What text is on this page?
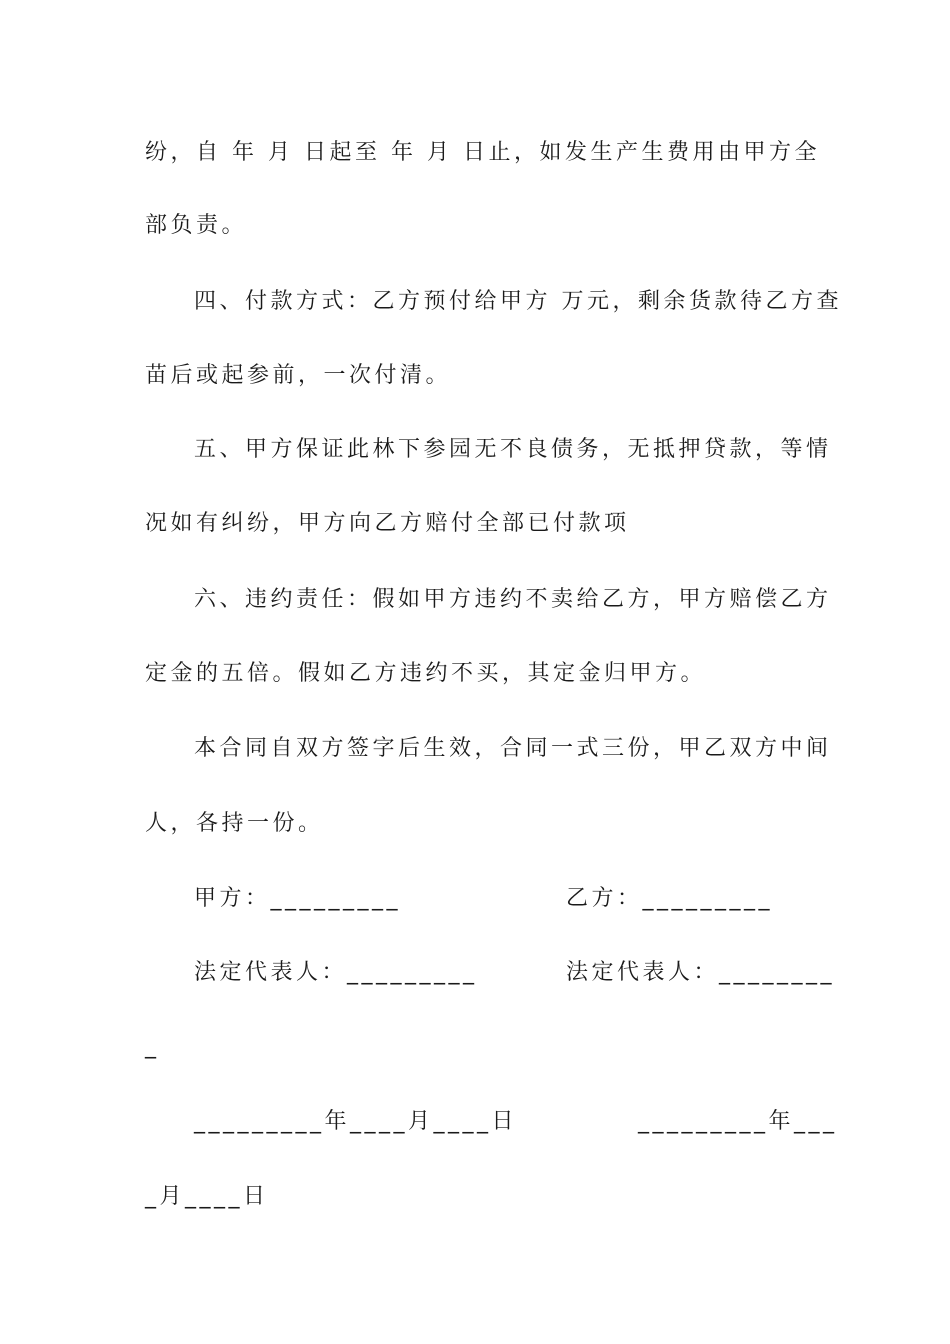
纷，自 年 月 日起至 年 月 日止，如发生产生费用由甲方全
部负责。
四、付款方式：乙方预付给甲方 万元，剩余货款待乙方查
苗后或起参前，一次付清。
五、甲方保证此林下参园无不良债务，无抵押贷款，等情
况如有纠纷，甲方向乙方赔付全部已付款项
六、违约责任：假如甲方违约不卖给乙方，甲方赔偿乙方
定金的五倍。假如乙方违约不买，其定金归甲方。
本合同自双方签字后生效，合同一式三份，甲乙双方中间
人，各持一份。
甲方：_________	乙方：_________
法定代表人：_________	法定代表人：________
_
_________年____月____日	_________年___
_月____日
